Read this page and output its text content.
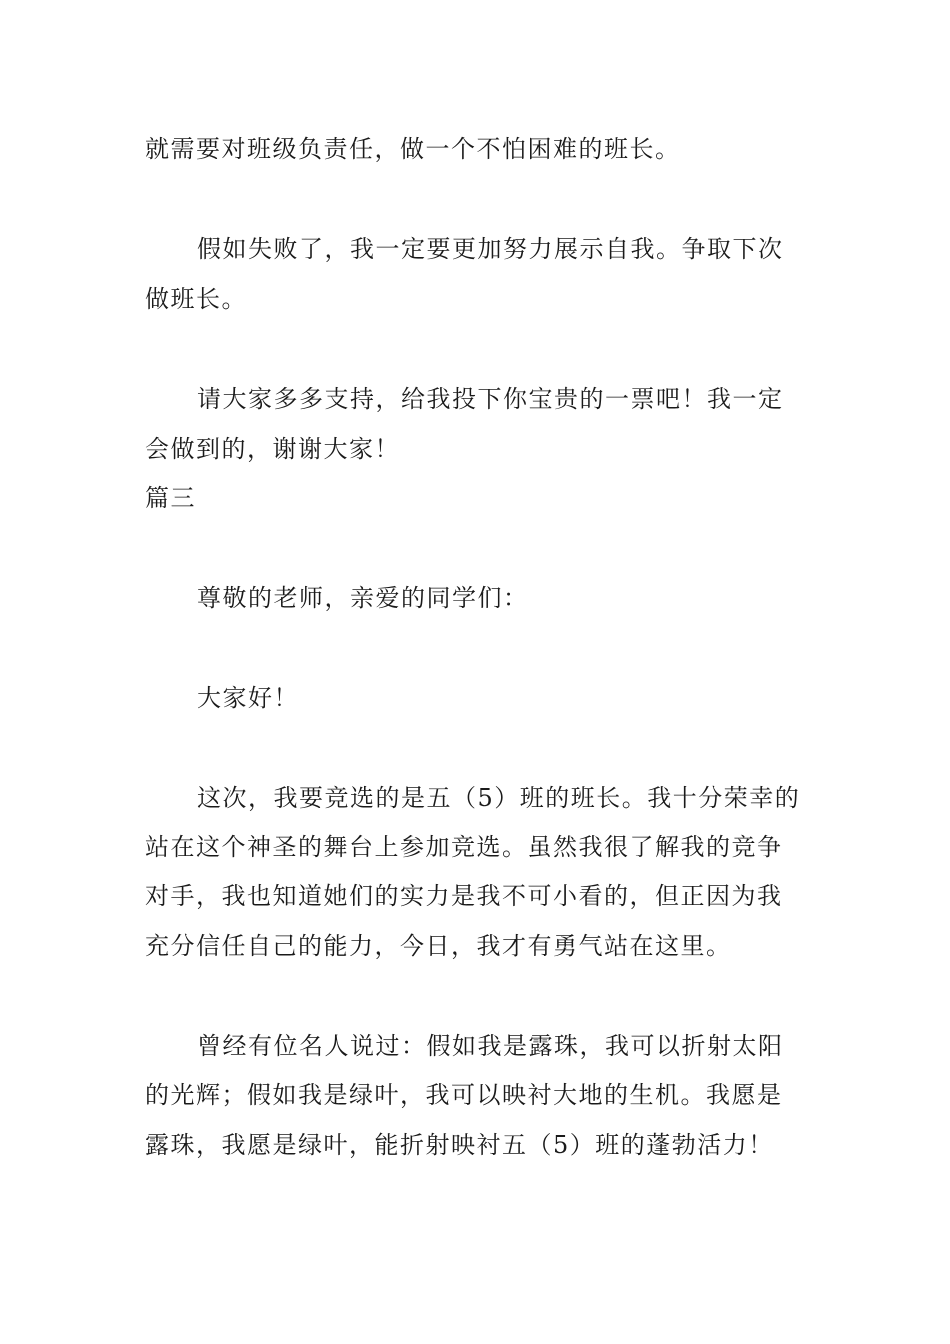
就需要对班级负责任，做一个不怕困难的班长。

假如失败了，我一定要更加努力展示自我。争取下次

做班长。

请大家多多支持，给我投下你宝贵的一票吧！我一定

会做到的，谢谢大家！

篇三

尊敬的老师，亲爱的同学们：

大家好！

这次，我要竞选的是五（5）班的班长。我十分荣幸的

站在这个神圣的舞台上参加竞选。虽然我很了解我的竞争

对手，我也知道她们的实力是我不可小看的，但正因为我

充分信任自己的能力，今日，我才有勇气站在这里。

曾经有位名人说过：假如我是露珠，我可以折射太阳

的光辉；假如我是绿叶，我可以映衬大地的生机。我愿是

露珠，我愿是绿叶，能折射映衬五（5）班的蓬勃活力！
